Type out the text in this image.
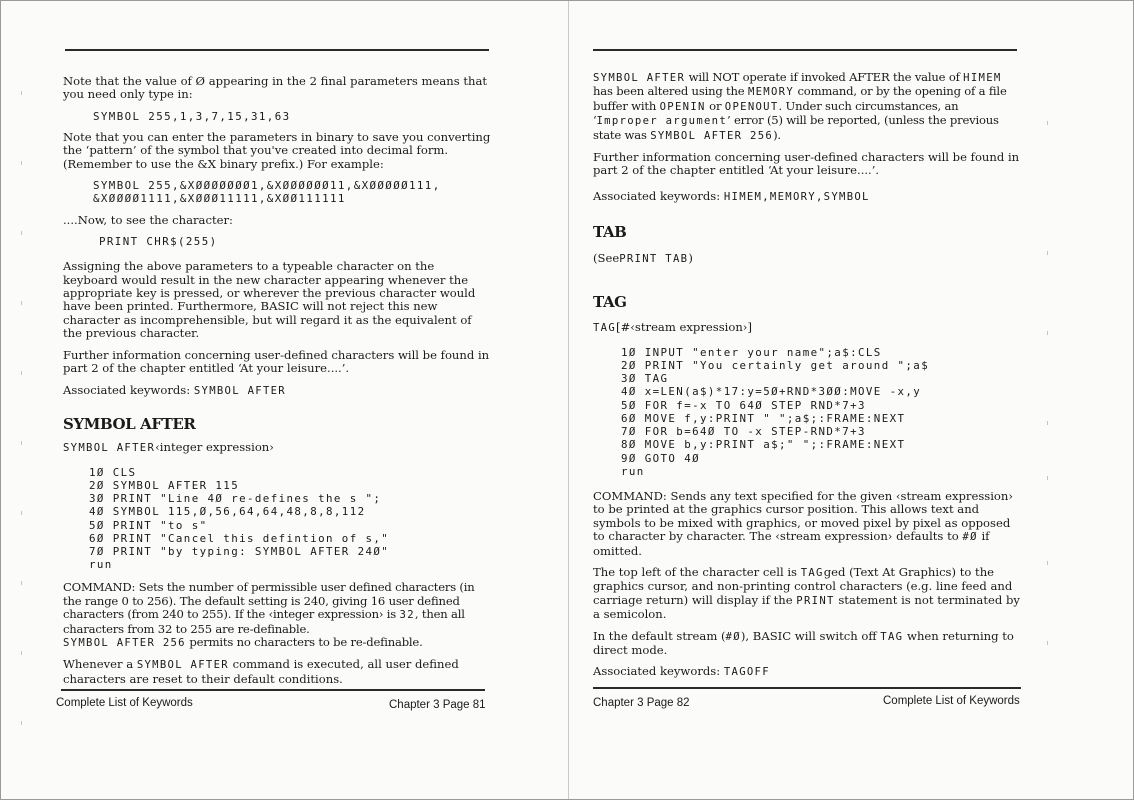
Note that the value of Ø appearing in the 2 final parameters means that you need only type in:

SYMBOL 255,1,3,7,15,31,63

Note that you can enter the parameters in binary to save you converting the ‘pattern’ of the symbol that you've created into decimal form. (Remember to use the &X binary prefix.) For example:

SYMBOL 255,&XØØØØØØØ1,&XØØØØØØ11,&XØØØØØ111,
&XØØØØ1111,&XØØØ11111,&XØØ111111

....Now, to see the character:

PRINT CHR$(255)

Assigning the above parameters to a typeable character on the keyboard would result in the new character appearing whenever the appropriate key is pressed, or wherever the previous character would have been printed. Furthermore, BASIC will not reject this new character as incomprehensible, but will regard it as the equivalent of the previous character.

Further information concerning user-defined characters will be found in part 2 of the chapter entitled ‘At your leisure....’.

Associated keywords: SYMBOL AFTER

SYMBOL AFTER

SYMBOL AFTER‹integer expression›

1Ø CLS
2Ø SYMBOL AFTER 115
3Ø PRINT "Line 4Ø re-defines the s ";
4Ø SYMBOL 115,Ø,56,64,64,48,8,8,112
5Ø PRINT "to s"
6Ø PRINT "Cancel this defintion of s,"
7Ø PRINT "by typing: SYMBOL AFTER 24Ø"
run

COMMAND: Sets the number of permissible user defined characters (in the range 0 to 256). The default setting is 240, giving 16 user defined characters (from 240 to 255). If the ‹integer expression› is 32, then all characters from 32 to 255 are re-definable.
SYMBOL AFTER 256 permits no characters to be re-definable.

Whenever a SYMBOL AFTER command is executed, all user defined characters are reset to their default conditions.

Complete List of Keywords	Chapter 3 Page 81

SYMBOL AFTER will NOT operate if invoked AFTER the value of HIMEM has been altered using the MEMORY command, or by the opening of a file buffer with OPENIN or OPENOUT. Under such circumstances, an ‘Improper argument’ error (5) will be reported, (unless the previous state was SYMBOL AFTER 256).

Further information concerning user-defined characters will be found in part 2 of the chapter entitled ‘At your leisure....’.

Associated keywords: HIMEM,MEMORY,SYMBOL

TAB

(SeePRINT TAB)

TAG

TAG[#‹stream expression›]

1Ø INPUT "enter your name";a$:CLS
2Ø PRINT "You certainly get around ";a$
3Ø TAG
4Ø x=LEN(a$)*17:y=5Ø+RND*3ØØ:MOVE -x,y
5Ø FOR f=-x TO 64Ø STEP RND*7+3
6Ø MOVE f,y:PRINT " ";a$;:FRAME:NEXT
7Ø FOR b=64Ø TO -x STEP-RND*7+3
8Ø MOVE b,y:PRINT a$;" ";:FRAME:NEXT
9Ø GOTO 4Ø
run

COMMAND: Sends any text specified for the given ‹stream expression› to be printed at the graphics cursor position. This allows text and symbols to be mixed with graphics, or moved pixel by pixel as opposed to character by character. The ‹stream expression› defaults to #Ø if omitted.

The top left of the character cell is TAGged (Text At Graphics) to the graphics cursor, and non-printing control characters (e.g. line feed and carriage return) will display if the PRINT statement is not terminated by a semicolon.

In the default stream (#Ø), BASIC will switch off TAG when returning to direct mode.

Associated keywords: TAGOFF

Chapter 3 Page 82	Complete List of Keywords
